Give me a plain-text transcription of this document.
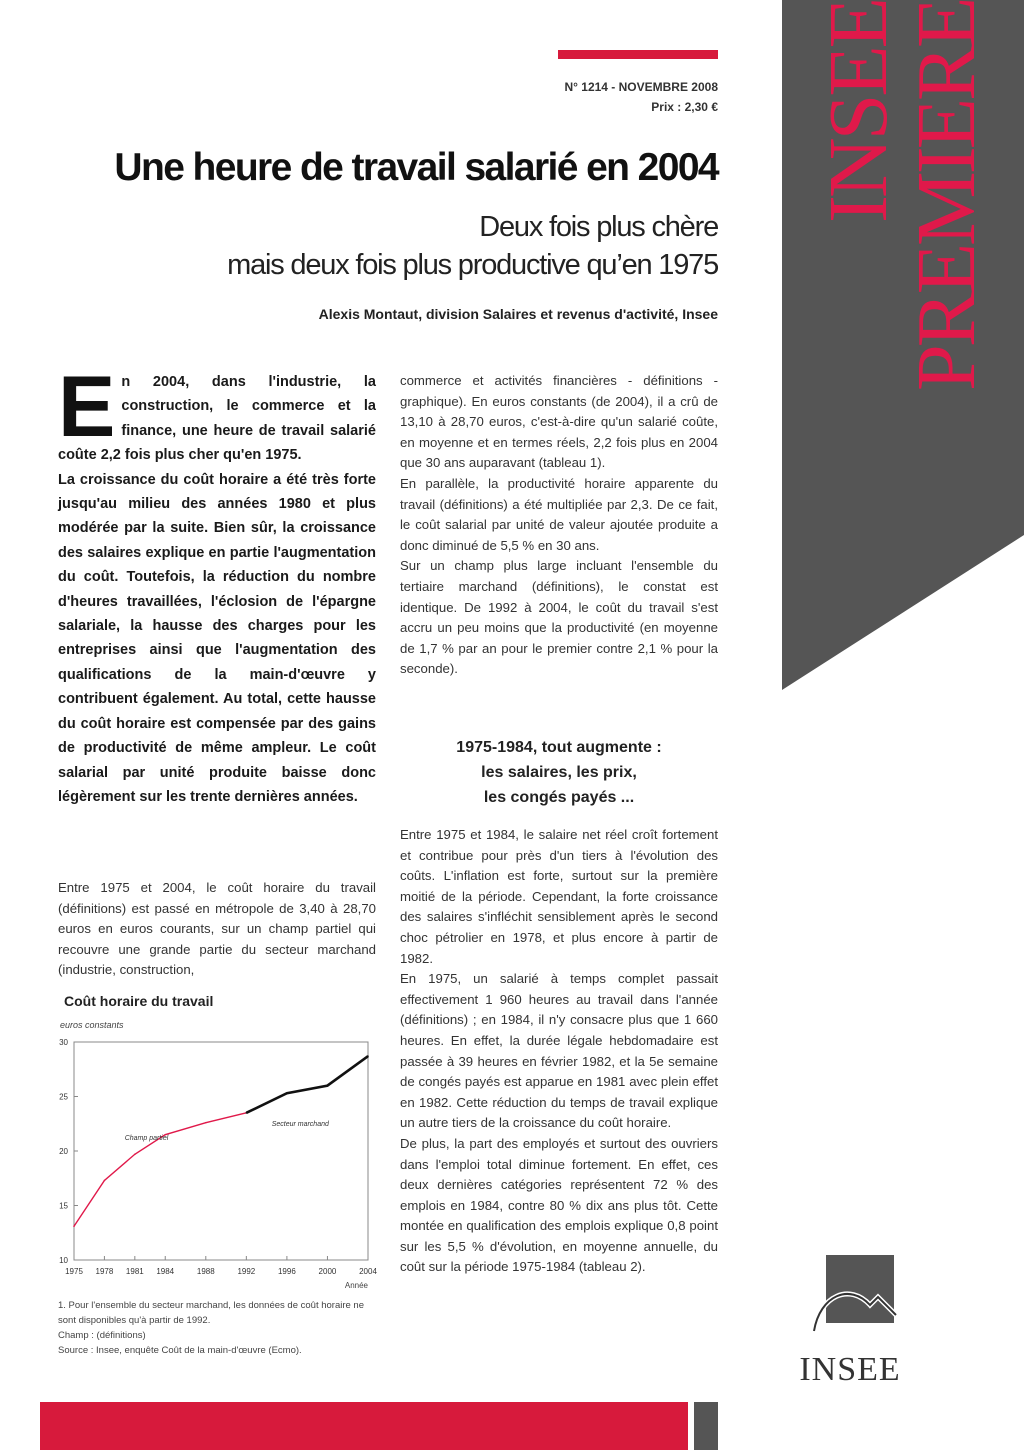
INSEE
PREMIERE
N° 1214 - NOVEMBRE 2008
Prix : 2,30 €
Une heure de travail salarié en 2004
Deux fois plus chère
mais deux fois plus productive qu’en 1975
Alexis Montaut, division Salaires et revenus d'activité, Insee
E n 2004, dans l'industrie, la construction, le commerce et la finance, une heure de travail salarié coûte 2,2 fois plus cher qu'en 1975.

La croissance du coût horaire a été très forte jusqu'au milieu des années 1980 et plus modérée par la suite. Bien sûr, la croissance des salaires explique en partie l'augmentation du coût. Toutefois, la réduction du nombre d'heures travaillées, l'éclosion de l'épargne salariale, la hausse des charges pour les entreprises ainsi que l'augmentation des qualifications de la main-d'œuvre y contribuent également. Au total, cette hausse du coût horaire est compensée par des gains de productivité de même ampleur. Le coût salarial par unité produite baisse donc légèrement sur les trente dernières années.

Entre 1975 et 2004, le coût horaire du travail (définitions) est passé en métropole de 3,40 à 28,70 euros en euros courants, sur un champ partiel qui recouvre une grande partie du secteur marchand (industrie, construction,

Coût horaire du travail
euros constants
10
15
20
25
30
1975 1978 1981 1984	1988	1992	1996	2000	2004
Année
Champ partiel
Secteur marchand
1. Pour l'ensemble du secteur marchand, les données de coût horaire ne sont disponibles qu'à partir de 1992.
Champ : (définitions)
Source : Insee, enquête Coût de la main-d'œuvre (Ecmo).

commerce et activités financières - définitions - graphique). En euros constants (de 2004), il a crû de 13,10 à 28,70 euros, c'est-à-dire qu'un salarié coûte, en moyenne et en termes réels, 2,2 fois plus en 2004 que 30 ans auparavant (tableau 1).

En parallèle, la productivité horaire apparente du travail (définitions) a été multipliée par 2,3. De ce fait, le coût salarial par unité de valeur ajoutée produite a donc diminué de 5,5 % en 30 ans.

Sur un champ plus large incluant l'ensemble du tertiaire marchand (définitions), le constat est identique. De 1992 à 2004, le coût du travail s'est accru un peu moins que la productivité (en moyenne de 1,7 % par an pour le premier contre 2,1 % pour la seconde).

1975-1984, tout augmente :
les salaires, les prix,
les congés payés ...

Entre 1975 et 1984, le salaire net réel croît fortement et contribue pour près d'un tiers à l'évolution des coûts. L'inflation est forte, surtout sur la première moitié de la période. Cependant, la forte croissance des salaires s'infléchit sensiblement après le second choc pétrolier en 1978, et plus encore à partir de 1982.

En 1975, un salarié à temps complet passait effectivement 1 960 heures au travail dans l'année (définitions) ; en 1984, il n'y consacre plus que 1 660 heures. En effet, la durée légale hebdomadaire est passée à 39 heures en février 1982, et la 5e semaine de congés payés est apparue en 1981 avec plein effet en 1982. Cette réduction du temps de travail explique un autre tiers de la croissance du coût horaire.

De plus, la part des employés et surtout des ouvriers dans l'emploi total diminue fortement. En effet, ces deux dernières catégories représentent 72 % des emplois en 1984, contre 80 % dix ans plus tôt. Cette montée en qualification des emplois explique 0,8 point sur les 5,5 % d'évolution, en moyenne annuelle, du coût sur la période 1975-1984 (tableau 2).

INSEE
